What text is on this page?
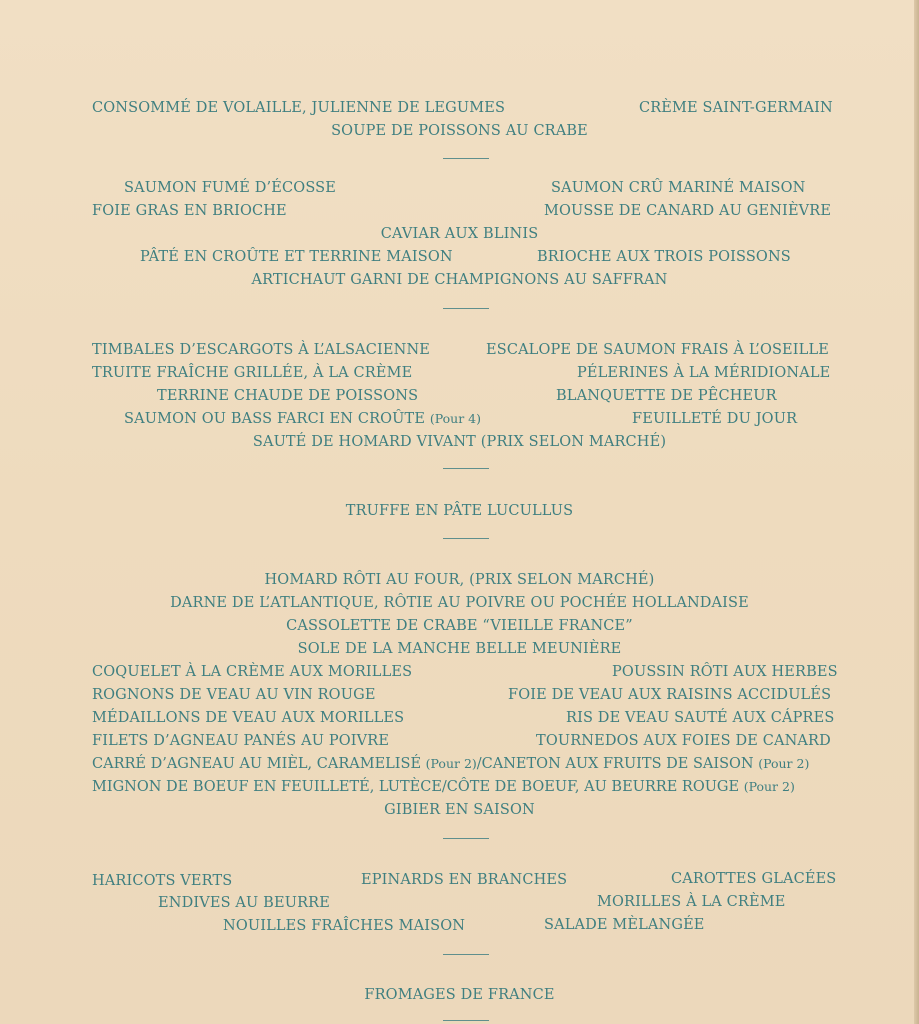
CONSOMMÉ DE VOLAILLE, JULIENNE DE LEGUMES	CRÈME SAINT-GERMAIN
SOUPE DE POISSONS AU CRABE
SAUMON FUMÉ D’ÉCOSSE	SAUMON CRÛ MARINÉ MAISON
FOIE GRAS EN BRIOCHE	MOUSSE DE CANARD AU GENIÈVRE
CAVIAR AUX BLINIS
PÂTÉ EN CROÛTE ET TERRINE MAISON	BRIOCHE AUX TROIS POISSONS
ARTICHAUT GARNI DE CHAMPIGNONS AU SAFFRAN
TIMBALES D’ESCARGOTS À L’ALSACIENNE	ESCALOPE DE SAUMON FRAIS À L’OSEILLE
TRUITE FRAÎCHE GRILLÉE, À LA CRÈME	PÉLERINES À LA MÉRIDIONALE
TERRINE CHAUDE DE POISSONS	BLANQUETTE DE PÊCHEUR
SAUMON OU BASS FARCI EN CROÛTE (Pour 4)	FEUILLETÉ DU JOUR
SAUTÉ DE HOMARD VIVANT (PRIX SELON MARCHÉ)
TRUFFE EN PÂTE LUCULLUS
HOMARD RÔTI AU FOUR, (PRIX SELON MARCHÉ)
DARNE DE L’ATLANTIQUE, RÔTIE AU POIVRE OU POCHÉE HOLLANDAISE
CASSOLETTE DE CRABE “VIEILLE FRANCE”
SOLE DE LA MANCHE BELLE MEUNIÈRE
COQUELET À LA CRÈME AUX MORILLES	POUSSIN RÔTI AUX HERBES
ROGNONS DE VEAU AU VIN ROUGE	FOIE DE VEAU AUX RAISINS ACCIDULÉS
MÉDAILLONS DE VEAU AUX MORILLES	RIS DE VEAU SAUTÉ AUX CÁPRES
FILETS D’AGNEAU PANÉS AU POIVRE	TOURNEDOS AUX FOIES DE CANARD
CARRÉ D’AGNEAU AU MIÈL, CARAMELISÉ (Pour 2)/CANETON AUX FRUITS DE SAISON (Pour 2)
MIGNON DE BOEUF EN FEUILLETÉ, LUTÈCE/CÔTE DE BOEUF, AU BEURRE ROUGE (Pour 2)
GIBIER EN SAISON
HARICOTS VERTS	EPINARDS EN BRANCHES	CAROTTES GLACÉES
ENDIVES AU BEURRE	MORILLES À LA CRÈME
NOUILLES FRAÎCHES MAISON	SALADE MÈLANGÉE
FROMAGES DE FRANCE
